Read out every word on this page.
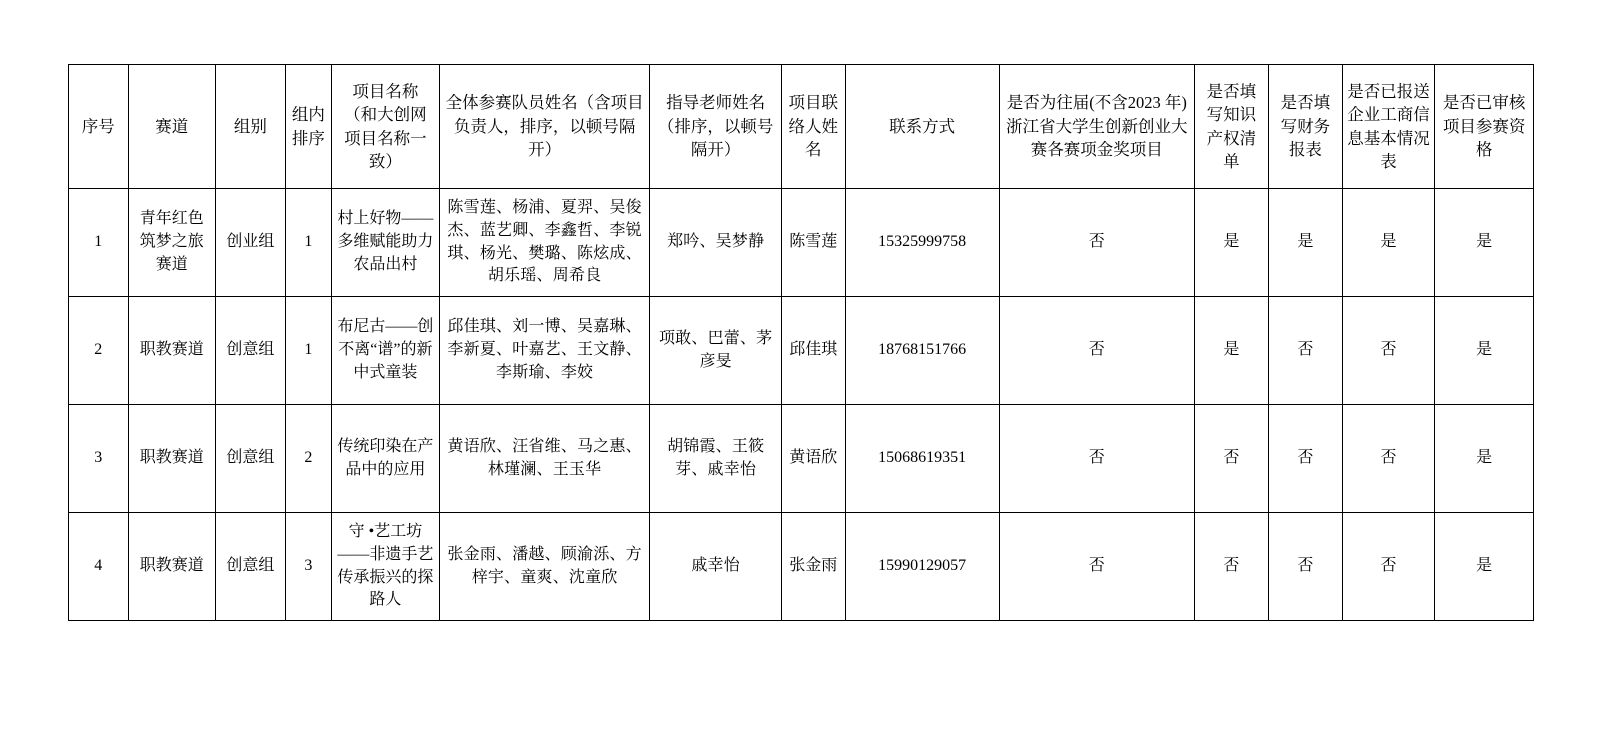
序号	赛道	组别	组内排序	项目名称（和大创网项目名称一致）	全体参赛队员姓名（含项目负责人，排序，以顿号隔开）	指导老师姓名（排序，以顿号隔开）	项目联络人姓名	联系方式	是否为往届(不含2023 年)浙江省大学生创新创业大赛各赛项金奖项目	是否填写知识产权清单	是否填写财务报表	是否已报送企业工商信息基本情况表	是否已审核项目参赛资格
1	青年红色筑梦之旅赛道	创业组	1	村上好物——多维赋能助力农品出村	陈雪莲、杨浦、夏羿、吴俊杰、蓝艺卿、李鑫哲、李锐琪、杨光、樊璐、陈炫成、胡乐瑶、周希良	郑吟、吴梦静	陈雪莲	15325999758	否	是	是	是	是
2	职教赛道	创意组	1	布尼古——创不离“谱”的新中式童装	邱佳琪、刘一博、吴嘉琳、李新夏、叶嘉艺、王文静、李斯瑜、李姣	项敢、巴蕾、茅彦旻	邱佳琪	18768151766	否	是	否	否	是
3	职教赛道	创意组	2	传统印染在产品中的应用	黄语欣、汪省维、马之惠、林瑾澜、王玉华	胡锦霞、王筱芽、戚幸怡	黄语欣	15068619351	否	否	否	否	是
4	职教赛道	创意组	3	守 •艺工坊——非遗手艺传承振兴的探路人	张金雨、潘越、顾渝泺、方梓宇、童爽、沈童欣	戚幸怡	张金雨	15990129057	否	否	否	否	是
